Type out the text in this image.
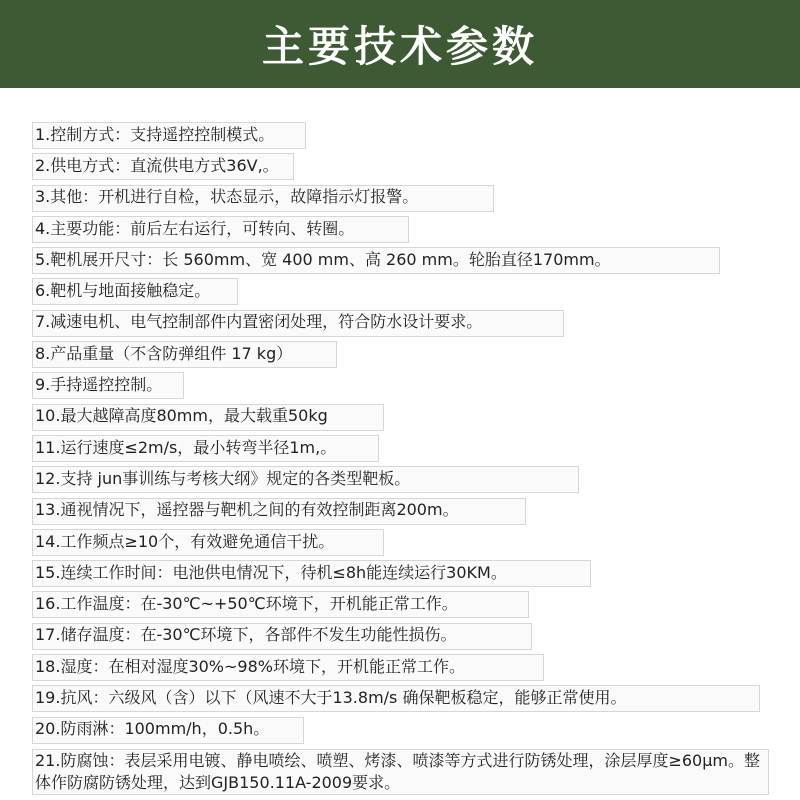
主要技术参数
1.控制方式：支持遥控控制模式。
2.供电方式：直流供电方式36V,。
3.其他：开机进行自检，状态显示，故障指示灯报警。
4.主要功能：前后左右运行，可转向、转圈。
5.靶机展开尺寸：长 560mm、宽 400 mm、高 260 mm。轮胎直径170mm。
6.靶机与地面接触稳定。
7.减速电机、电气控制部件内置密闭处理，符合防水设计要求。
8.产品重量（不含防弹组件 17 kg）
9.手持遥控控制。
10.最大越障高度80mm，最大载重50kg
11.运行速度≤2m/s，最小转弯半径1m,。
12.支持 jun事训练与考核大纲》规定的各类型靶板。
13.通视情况下，遥控器与靶机之间的有效控制距离200m。
14.工作频点≥10个，有效避免通信干扰。
15.连续工作时间：电池供电情况下，待机≤8h能连续运行30KM。
16.工作温度：在-30℃~+50℃环境下，开机能正常工作。
17.储存温度：在-30℃环境下，各部件不发生功能性损伤。
18.湿度：在相对湿度30%~98%环境下，开机能正常工作。
19.抗风：六级风（含）以下（风速不大于13.8m/s 确保靶板稳定，能够正常使用。
20.防雨淋：100mm/h，0.5h。
21.防腐蚀：表层采用电镀、静电喷绘、喷塑、烤漆、喷漆等方式进行防锈处理，涂层厚度≥60μm。整体作防腐防锈处理，达到GJB150.11A-2009要求。
